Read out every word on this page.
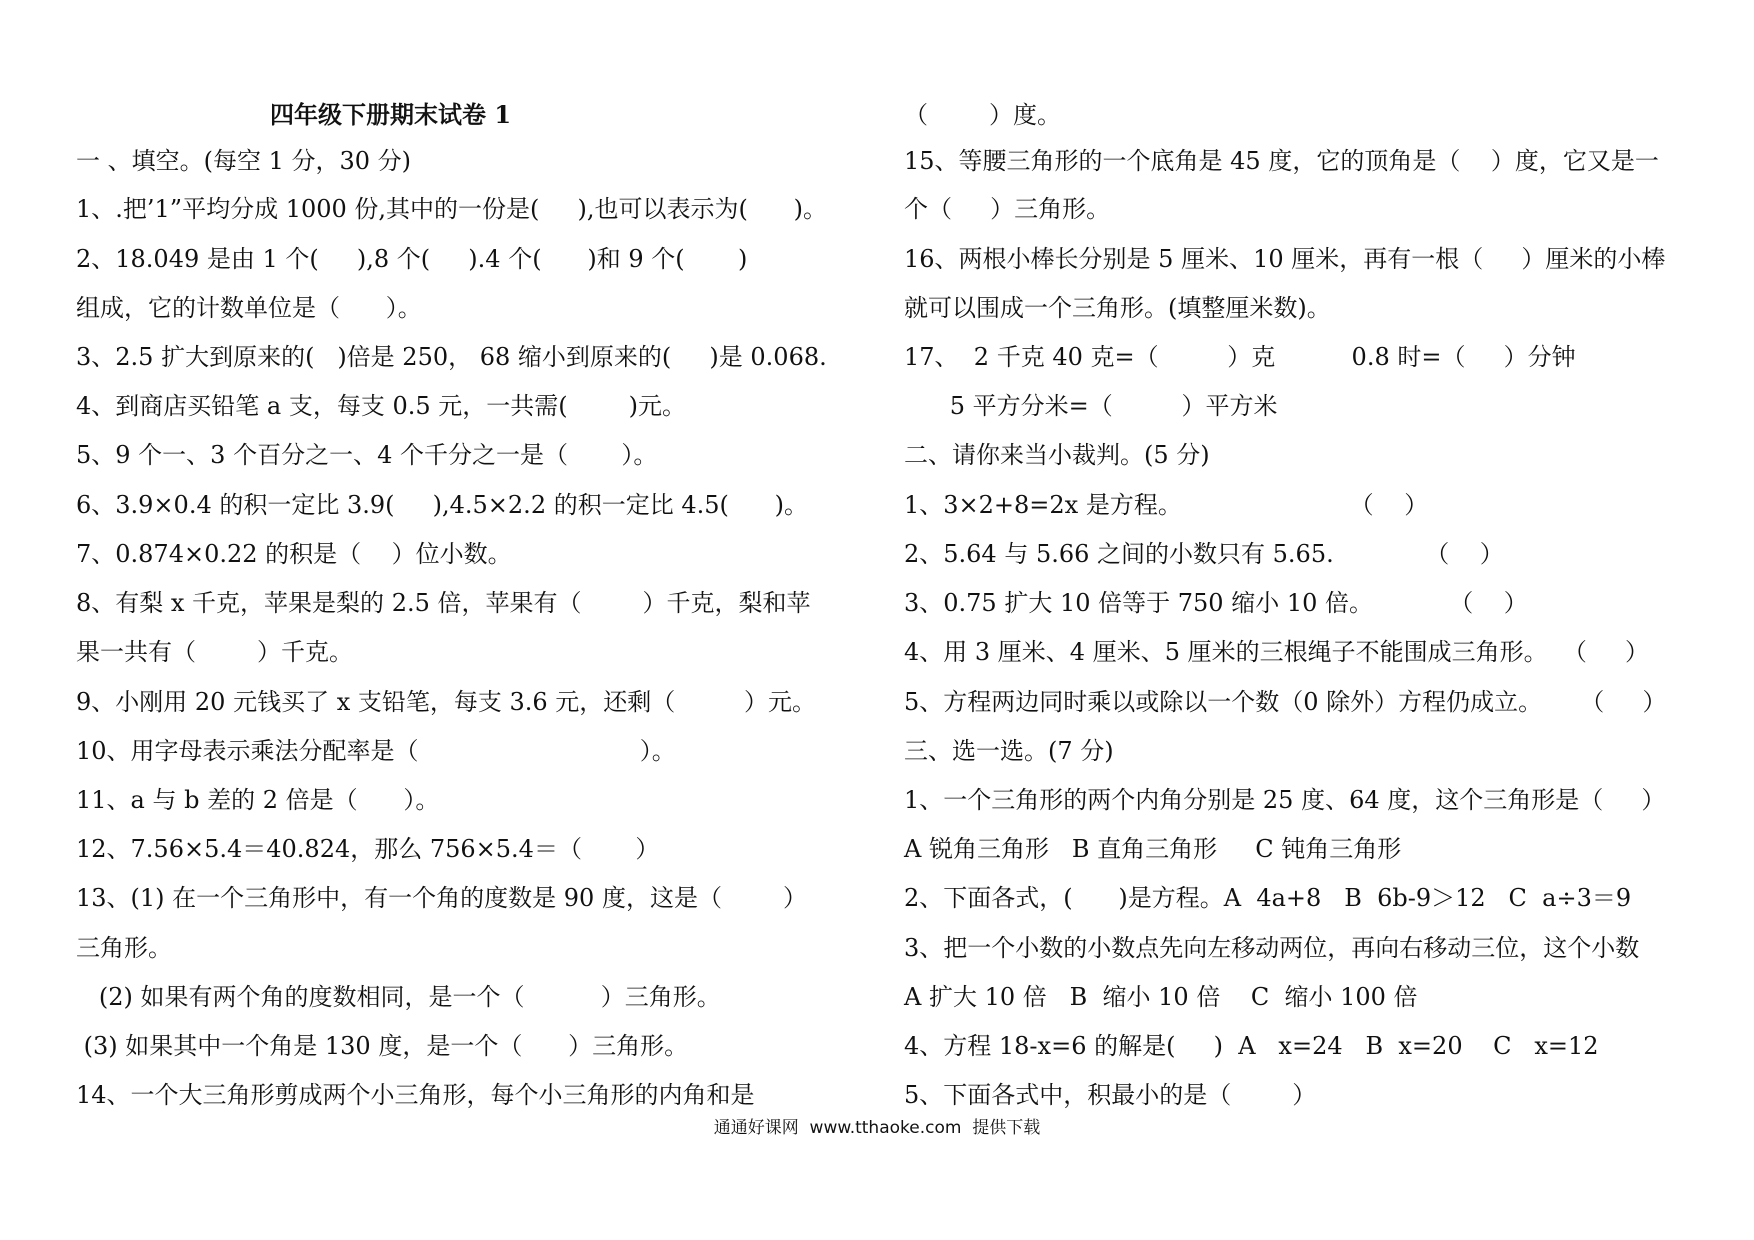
四年级下册期末试卷 1
一 、填空。(每空 1 分，30 分)
1、.把’1”平均分成 1000 份,其中的一份是(     ),也可以表示为(      )。
2、18.049 是由 1 个(     ),8 个(     ).4 个(      )和 9 个(       )
组成，它的计数单位是（      ）。
3、2.5 扩大到原来的(   )倍是 250， 68 缩小到原来的(     )是 0.068.
4、到商店买铅笔 a 支，每支 0.5 元，一共需(        )元。
5、9 个一、3 个百分之一、4 个千分之一是（       ）。
6、3.9×0.4 的积一定比 3.9(     ),4.5×2.2 的积一定比 4.5(      )。
7、0.874×0.22 的积是（    ）位小数。
8、有梨 x 千克，苹果是梨的 2.5 倍，苹果有（        ）千克，梨和苹
果一共有（        ）千克。
9、小刚用 20 元钱买了 x 支铅笔，每支 3.6 元，还剩（         ）元。
10、用字母表示乘法分配率是（                             ）。
11、a 与 b 差的 2 倍是（      ）。
12、7.56×5.4＝40.824，那么 756×5.4＝（       ）
13、(1) 在一个三角形中，有一个角的度数是 90 度，这是（        ）
三角形。
(2) 如果有两个角的度数相同，是一个（          ）三角形。
(3) 如果其中一个角是 130 度，是一个（      ）三角形。
14、一个大三角形剪成两个小三角形，每个小三角形的内角和是
（        ）度。
15、等腰三角形的一个底角是 45 度，它的顶角是（    ）度，它又是一
个（     ）三角形。
16、两根小棒长分别是 5 厘米、10 厘米，再有一根（     ）厘米的小棒
就可以围成一个三角形。(填整厘米数)。
17、  2 千克 40 克=（         ）克          0.8 时=（     ）分钟
5 平方分米=（         ）平方米
二、请你来当小裁判。(5 分)
1、3×2+8=2x 是方程。                      （    ）
2、5.64 与 5.66 之间的小数只有 5.65.            （    ）
3、0.75 扩大 10 倍等于 750 缩小 10 倍。          （    ）
4、用 3 厘米、4 厘米、5 厘米的三根绳子不能围成三角形。  （     ）
5、方程两边同时乘以或除以一个数（0 除外）方程仍成立。     （     ）
三、选一选。(7 分)
1、一个三角形的两个内角分别是 25 度、64 度，这个三角形是（     ）
A 锐角三角形   B 直角三角形     C 钝角三角形
2、下面各式，(      )是方程。A  4a+8   B  6b-9＞12   C  a÷3＝9
3、把一个小数的小数点先向左移动两位，再向右移动三位，这个小数
A 扩大 10 倍   B  缩小 10 倍    C  缩小 100 倍
4、方程 18-x=6 的解是(     )  A   x=24   B  x=20    C   x=12
5、下面各式中，积最小的是（        ）
通通好课网  www.tthaoke.com  提供下载
